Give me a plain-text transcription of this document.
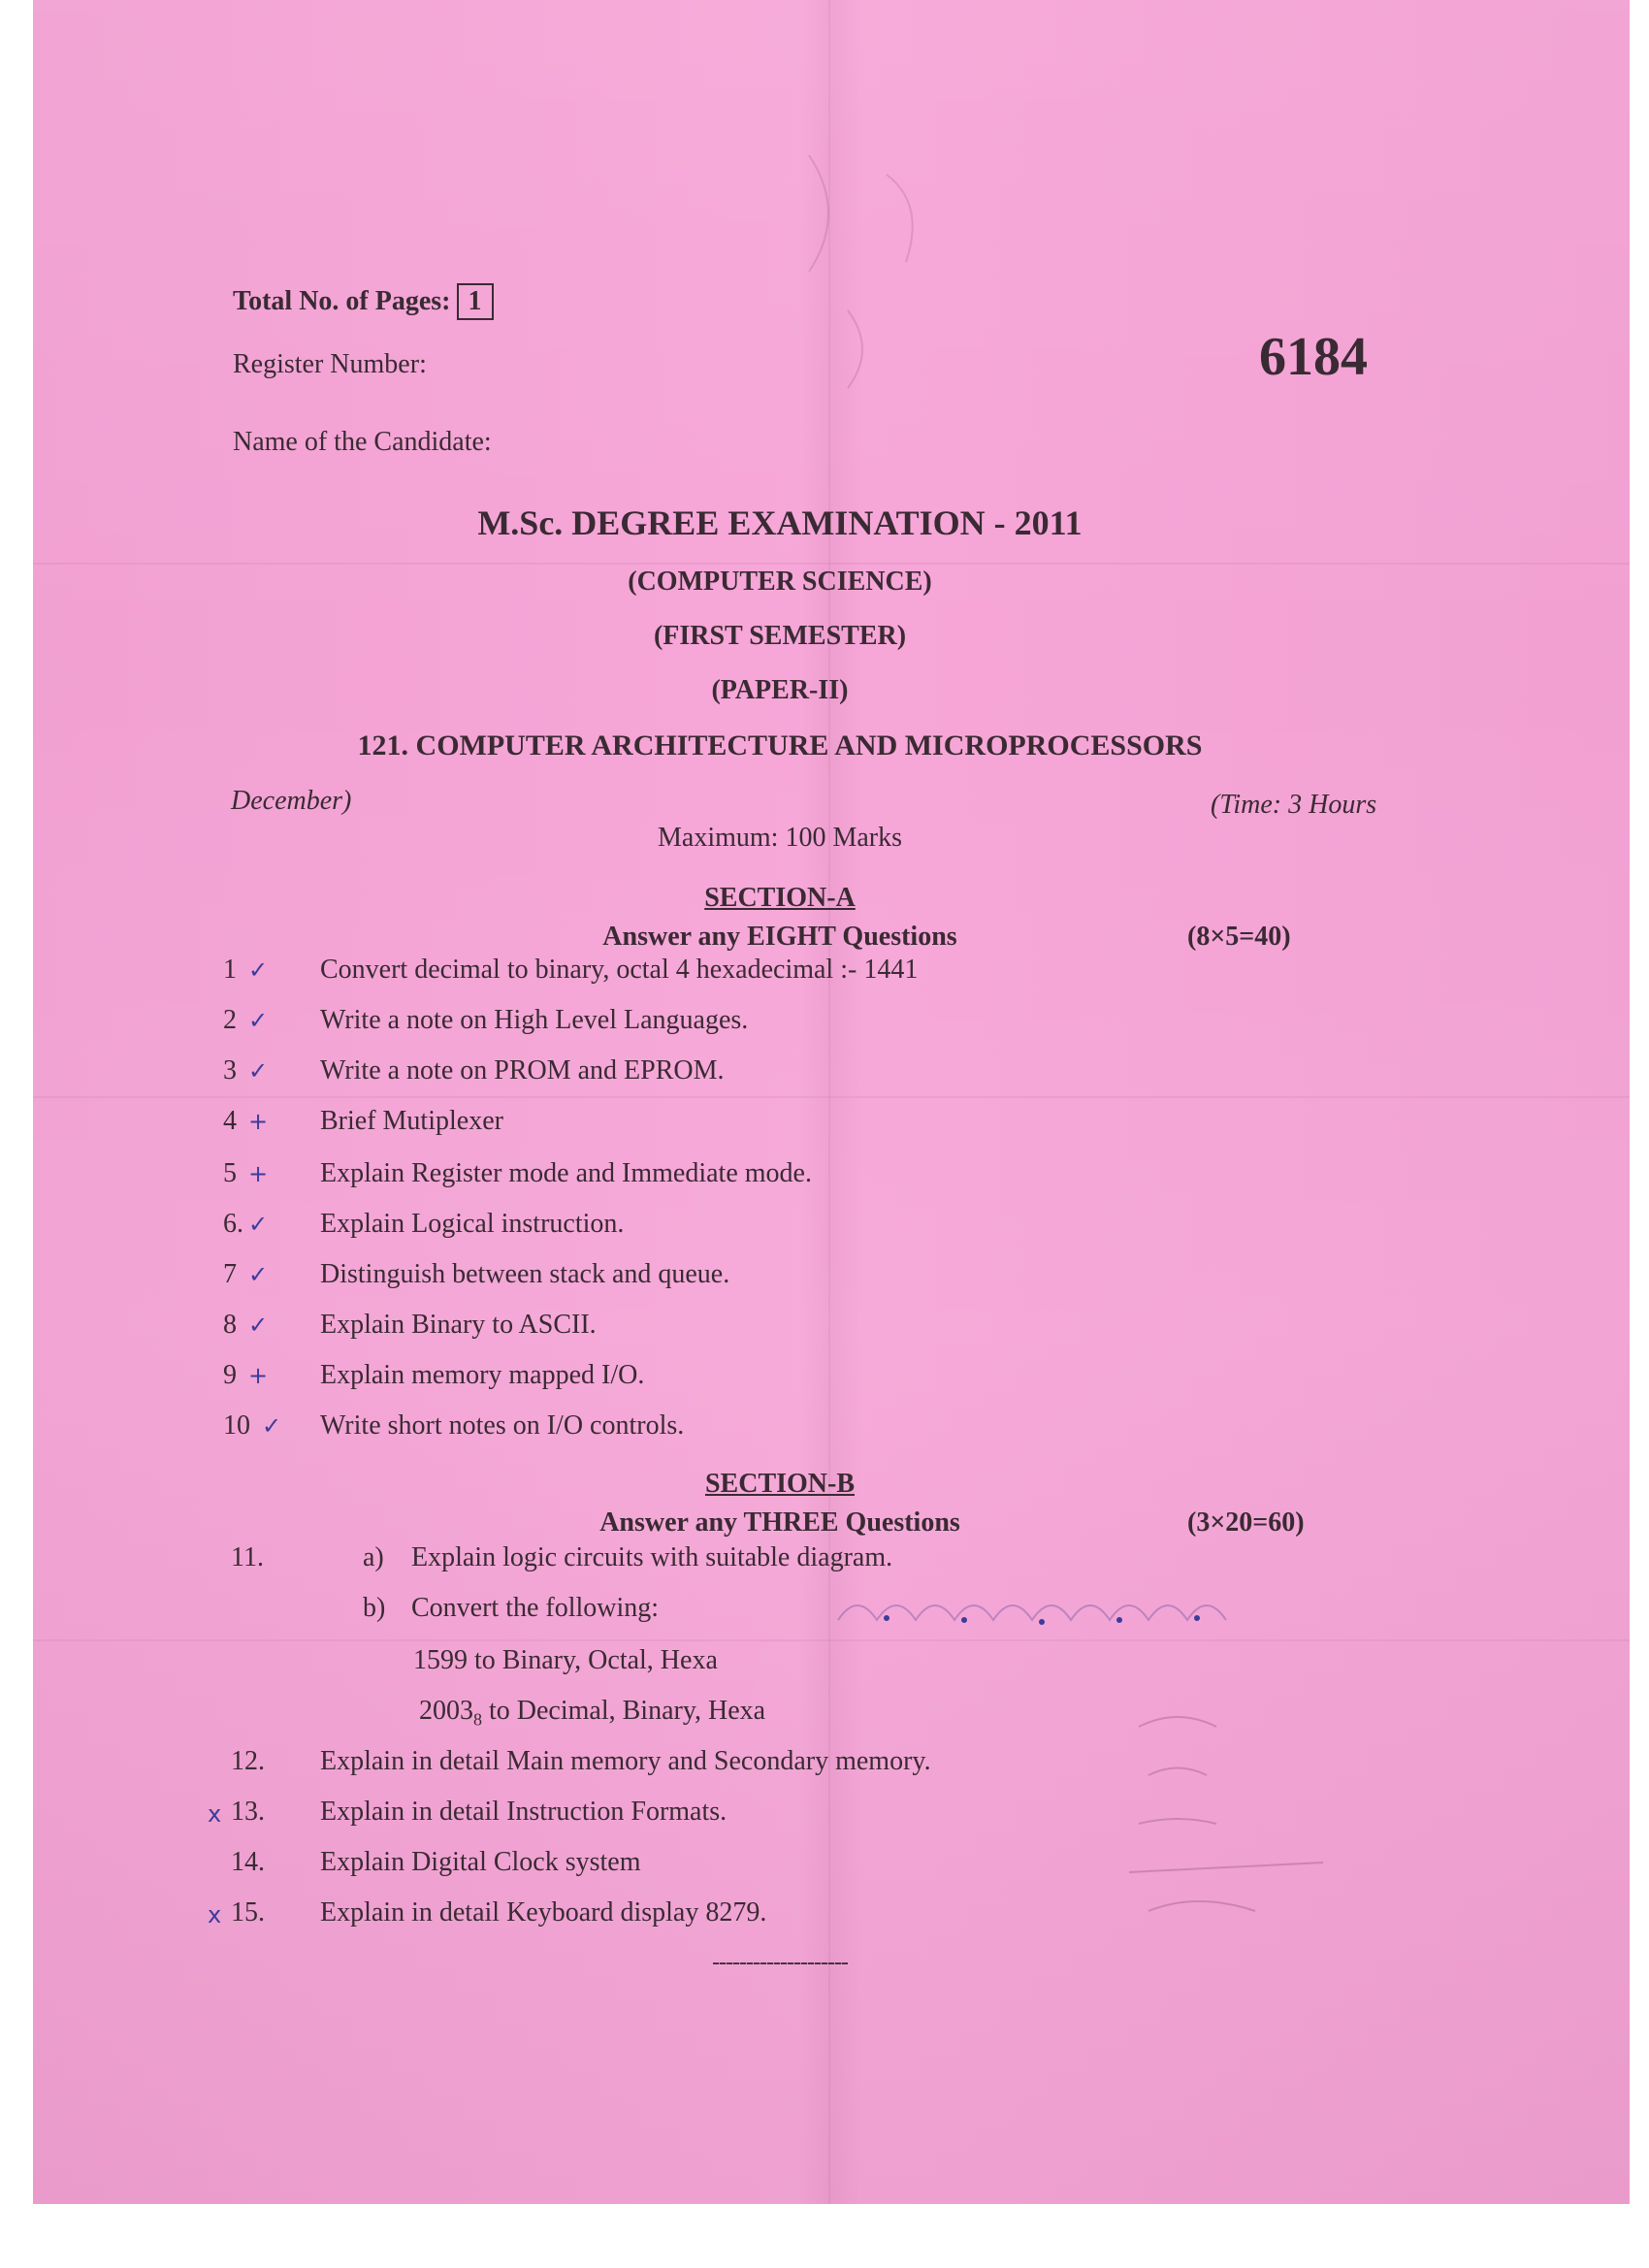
Total No. of Pages: 1
Register Number:	6184
Name of the Candidate:
M.Sc. DEGREE EXAMINATION - 2011
(COMPUTER SCIENCE)
(FIRST SEMESTER)
(PAPER-II)
121. COMPUTER ARCHITECTURE AND MICROPROCESSORS
December)	(Time: 3 Hours
Maximum: 100 Marks
SECTION-A
Answer any EIGHT Questions	(8×5=40)
1 ✓ Convert decimal to binary, octal 4 hexadecimal :- 1441
2 ✓ Write a note on High Level Languages.
3 ✓ Write a note on PROM and EPROM.
4 + Brief Mutiplexer
5 + Explain Register mode and Immediate mode.
6. ✓ Explain Logical instruction.
7 ✓ Distinguish between stack and queue.
8 ✓ Explain Binary to ASCII.
9 + Explain memory mapped I/O.
10 ✓ Write short notes on I/O controls.
SECTION-B
Answer any THREE Questions	(3×20=60)
11.	a) Explain logic circuits with suitable diagram.
b) Convert the following:
1599 to Binary, Octal, Hexa
$2003_8$ to Decimal, Binary, Hexa
12. Explain in detail Main memory and Secondary memory.
x 13. Explain in detail Instruction Formats.
14. Explain Digital Clock system
x 15. Explain in detail Keyboard display 8279.
--------------------
